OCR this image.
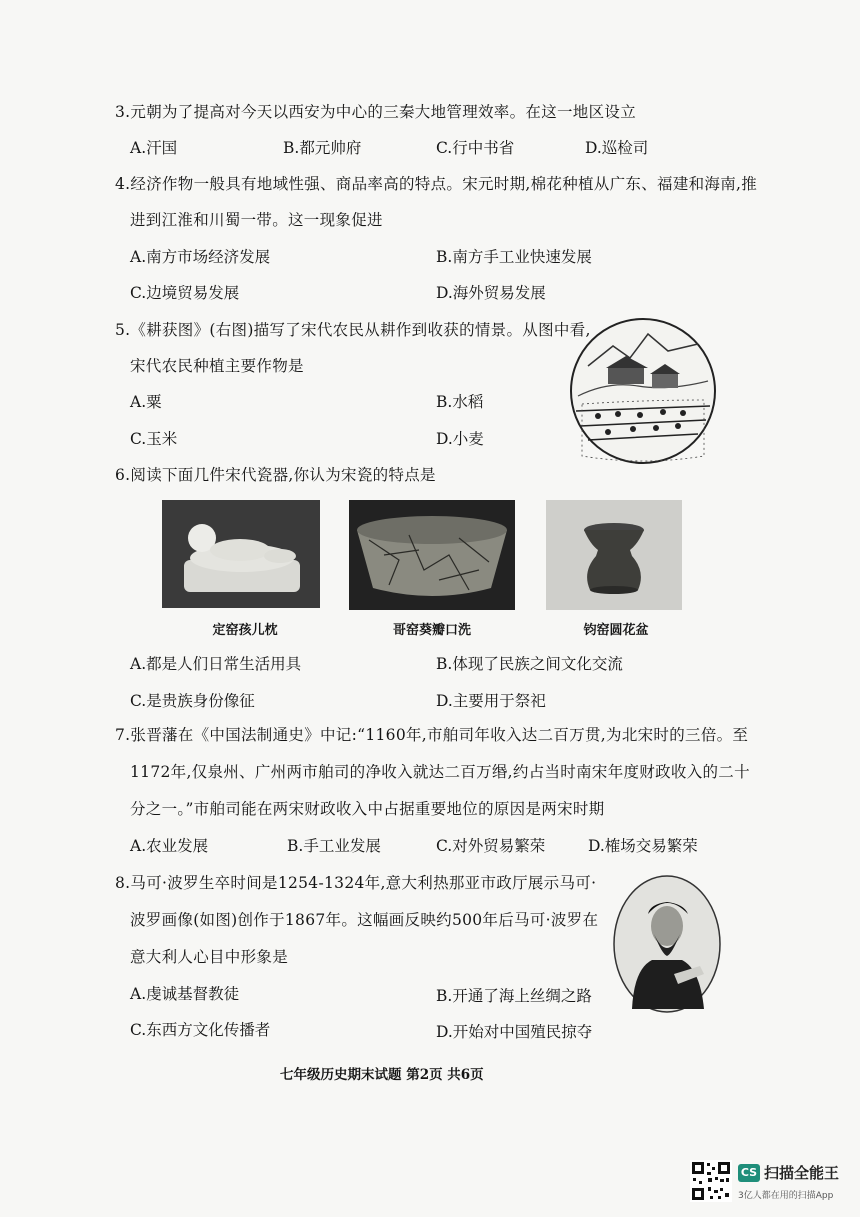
3.元朝为了提高对今天以西安为中心的三秦大地管理效率。在这一地区设立
A.汗国	B.都元帅府	C.行中书省	D.巡检司
4.经济作物一般具有地域性强、商品率高的特点。宋元时期,棉花种植从广东、福建和海南,推
进到江淮和川蜀一带。这一现象促进
A.南方市场经济发展	B.南方手工业快速发展
C.边境贸易发展	D.海外贸易发展
5.《耕获图》(右图)描写了宋代农民从耕作到收获的情景。从图中看,
宋代农民种植主要作物是
A.粟	B.水稻
C.玉米	D.小麦
6.阅读下面几件宋代瓷器,你认为宋瓷的特点是
定窑孩儿枕	哥窑葵瓣口洗	钧窑圆花盆
A.都是人们日常生活用具	B.体现了民族之间文化交流
C.是贵族身份像征	D.主要用于祭祀
7.张晋藩在《中国法制通史》中记:“1160年,市舶司年收入达二百万贯,为北宋时的三倍。至
1172年,仅泉州、广州两市舶司的净收入就达二百万缗,约占当时南宋年度财政收入的二十
分之一。”市舶司能在两宋财政收入中占据重要地位的原因是两宋时期
A.农业发展	B.手工业发展	C.对外贸易繁荣	D.榷场交易繁荣
8.马可·波罗生卒时间是1254-1324年,意大利热那亚市政厅展示马可·
波罗画像(如图)创作于1867年。这幅画反映约500年后马可·波罗在
意大利人心目中形象是
A.虔诚基督教徒	B.开通了海上丝绸之路
C.东西方文化传播者	D.开始对中国殖民掠夺
七年级历史期末试题 第2页 共6页
CS 扫描全能王
3亿人都在用的扫描App
